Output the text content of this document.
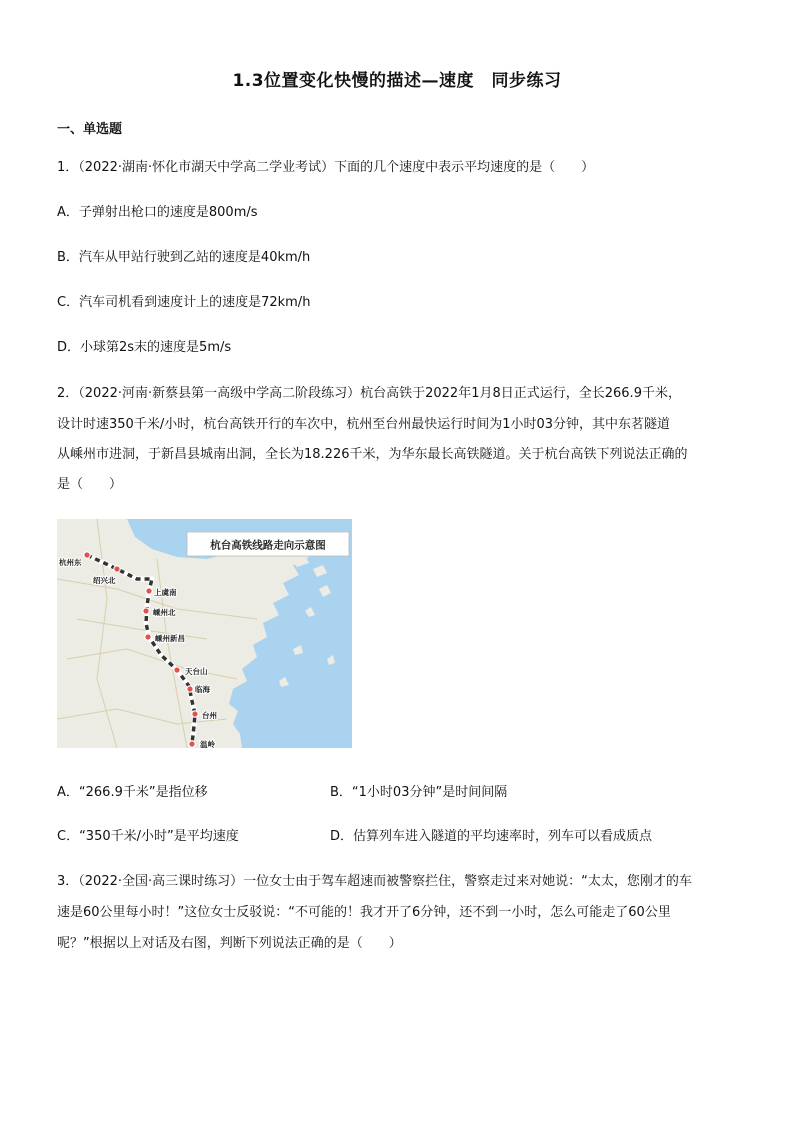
1.3位置变化快慢的描述—速度　同步练习
一、单选题
1．（2022·湖南·怀化市湖天中学高二学业考试）下面的几个速度中表示平均速度的是（　　）
A．子弹射出枪口的速度是800m/s
B．汽车从甲站行驶到乙站的速度是40km/h
C．汽车司机看到速度计上的速度是72km/h
D．小球第2s末的速度是5m/s
2．（2022·河南·新蔡县第一高级中学高二阶段练习）杭台高铁于2022年1月8日正式运行，全长266.9千米，
设计时速350千米/小时，杭台高铁开行的车次中，杭州至台州最快运行时间为1小时03分钟，其中东茗隧道
从嵊州市进洞，于新昌县城南出洞，全长为18.226千米，为华东最长高铁隧道。关于杭台高铁下列说法正确的
是（　　）
杭台高铁线路走向示意图
杭州东
绍兴北
上虞南
嵊州北
嵊州新昌
天台山
临海
台州
温岭
A．“266.9千米”是指位移	B．“1小时03分钟”是时间间隔
C．“350千米/小时”是平均速度	D．估算列车进入隧道的平均速率时，列车可以看成质点
3．（2022·全国·高三课时练习）一位女士由于驾车超速而被警察拦住，警察走过来对她说：“太太，您刚才的车
速是60公里每小时！”这位女士反驳说：“不可能的！我才开了6分钟，还不到一小时，怎么可能走了60公里
呢？”根据以上对话及右图，判断下列说法正确的是（　　）
